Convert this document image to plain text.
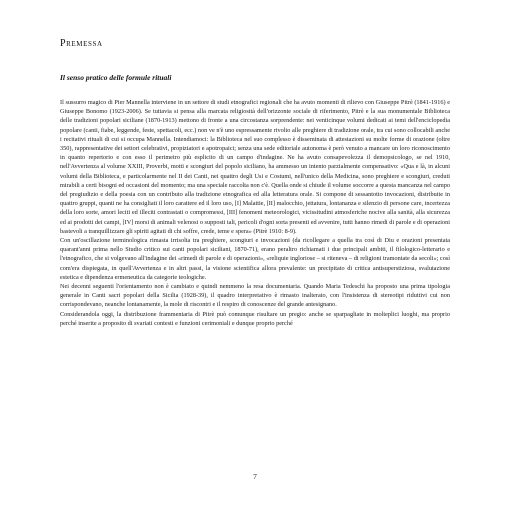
Premessa
Il senso pratico delle formule rituali

Il sussurro magico di Pier Mannella interviene in un settore di studi etnografici regionali che ha avuto momenti di rilievo con Giuseppe Pitrè (1841-1916) e Giuseppe Bonomo (1923-2006). Se tuttavia si pensa alla marcata religiosità dell'orizzonte sociale di riferimento, Pitrè e la sua monumentale Biblioteca delle tradizioni popolari siciliane (1870-1913) mettono di fronte a una circostanza sorprendente: nei venticinque volumi dedicati ai temi dell'enciclopedia popolare (canti, fiabe, leggende, feste, spettacoli, ecc.) non ve n'è uno espressamente rivolto alle preghiere di tradizione orale, tra cui sono collocabili anche i recitativi rituali di cui si occupa Mannella. Intendiamoci: la Biblioteca nel suo complesso è disseminata di attestazioni su molte forme di orazione (oltre 350), rappresentative dei settori celebrativi, propiziatori e apotropaici; senza una sede editoriale autonoma è però venuto a mancare un loro riconoscimento in quanto repertorio e con esso il perimetro più esplicito di un campo d'indagine. Ne ha avuto consapevolezza il demopsicologo, se nel 1910, nell'Avvertenza al volume XXIII, Proverbi, motti e scongiuri del popolo siciliano, ha ammesso un intento parzialmente compensativo: «Qua e là, in alcuni volumi della Biblioteca, e particolarmente nel II dei Canti, nei quattro degli Usi e Costumi, nell'unico della Medicina, sono preghiere e scongiuri, creduti mirabili a certi bisogni ed occasioni del momento; ma una speciale raccolta non c'è. Quella onde si chiude il volume soccorre a questa mancanza nel campo del pregiudizio e della poesia con un contributo alla tradizione etnografica ed alla letteratura orale. Si compone di sessantotto invocazioni, distribuite in quattro gruppi, quanti ne ha consigliati il loro carattere ed il loro uso, [I] Malattie, [II] malocchio, jettatura, lontananza e silenzio di persone care, incertezza della loro sorte, amori leciti ed illeciti contrastati o compromessi, [III] fenomeni meteorologici, vicissitudini atmosferiche nocive alla sanità, alla sicurezza ed ai prodotti dei campi, [IV] morsi di animali velenosi o supposti tali, pericoli d'ogni sorta presenti ed avvenire, tutti hanno rimedi di parole e di operazioni bastevoli a tranquillizzare gli spiriti agitati di chi soffre, crede, teme e spera» (Pitrè 1910: 8-9).

Con un'oscillazione terminologica rimasta irrisolta tra preghiere, scongiuri e invocazioni (da ricollegare a quella tra così di Diu e orazioni presentata quarant'anni prima nello Studio critico sui canti popolari siciliani, 1870-71), erano peraltro richiamati i due principali ambiti, il filologico-letterario e l'etnografico, che si volgevano all'indagine dei «rimedi di parole e di operazioni», «reliquie ingloriose – si riteneva – di religioni tramontate da secoli»; così com'era dispiegata, in quell'Avvertenza e in altri passi, la visione scientifica allora prevalente: un precipitato di critica antisuperstiziosa, svalutazione estetica e dipendenza ermeneutica da categorie teologiche.

Nei decenni seguenti l'orientamento non è cambiato e quindi nemmeno la resa documentaria. Quando Maria Tedeschi ha proposto una prima tipologia generale in Canti sacri popolari della Sicilia (1928-39), il quadro interpretativo è rimasto inalterato, con l'insistenza di stereotipi riduttivi cui non corrispondevano, neanche lontanamente, la mole di riscontri e il respiro di conoscenze del grande antesignano.

Considerandola oggi, la distribuzione frammentaria di Pitrè può comunque risultare un pregio: anche se sparpagliate in molteplici luoghi, ma proprio perché inserite a proposito di svariati contesti e funzioni cerimoniali e dunque proprio perché

7
